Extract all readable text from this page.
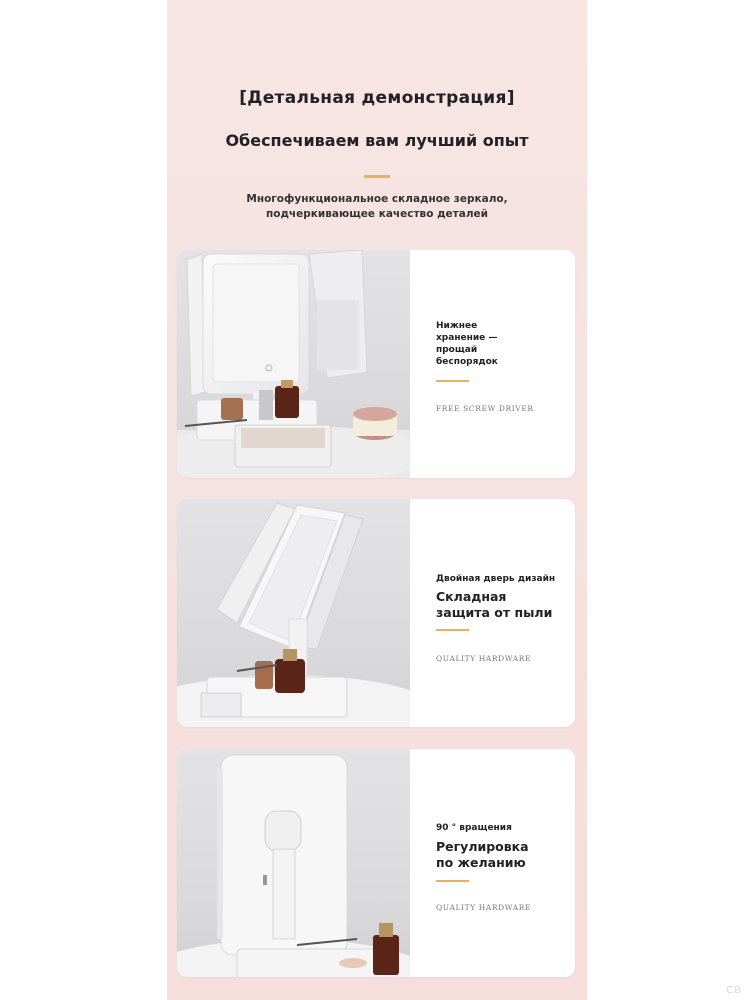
[Детальная демонстрация]
Обеспечиваем вам лучший опыт
Многофункциональное складное зеркало,
подчеркивающее качество деталей
Нижнее
хранение —
прощай
беспорядок
FREE SCREW DRIVER
Двойная дверь дизайн
Складная
защита от пыли
QUALITY HARDWARE
90 ° вращения
Регулировка
по желанию
QUALITY HARDWARE
CB
